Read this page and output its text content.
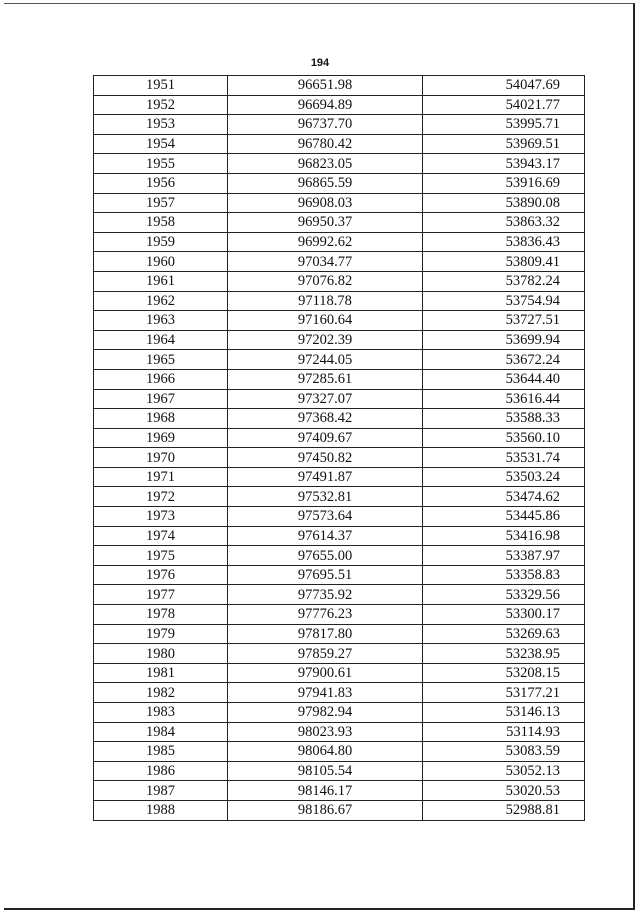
194
1951	96651.98	54047.69
1952	96694.89	54021.77
1953	96737.70	53995.71
1954	96780.42	53969.51
1955	96823.05	53943.17
1956	96865.59	53916.69
1957	96908.03	53890.08
1958	96950.37	53863.32
1959	96992.62	53836.43
1960	97034.77	53809.41
1961	97076.82	53782.24
1962	97118.78	53754.94
1963	97160.64	53727.51
1964	97202.39	53699.94
1965	97244.05	53672.24
1966	97285.61	53644.40
1967	97327.07	53616.44
1968	97368.42	53588.33
1969	97409.67	53560.10
1970	97450.82	53531.74
1971	97491.87	53503.24
1972	97532.81	53474.62
1973	97573.64	53445.86
1974	97614.37	53416.98
1975	97655.00	53387.97
1976	97695.51	53358.83
1977	97735.92	53329.56
1978	97776.23	53300.17
1979	97817.80	53269.63
1980	97859.27	53238.95
1981	97900.61	53208.15
1982	97941.83	53177.21
1983	97982.94	53146.13
1984	98023.93	53114.93
1985	98064.80	53083.59
1986	98105.54	53052.13
1987	98146.17	53020.53
1988	98186.67	52988.81
